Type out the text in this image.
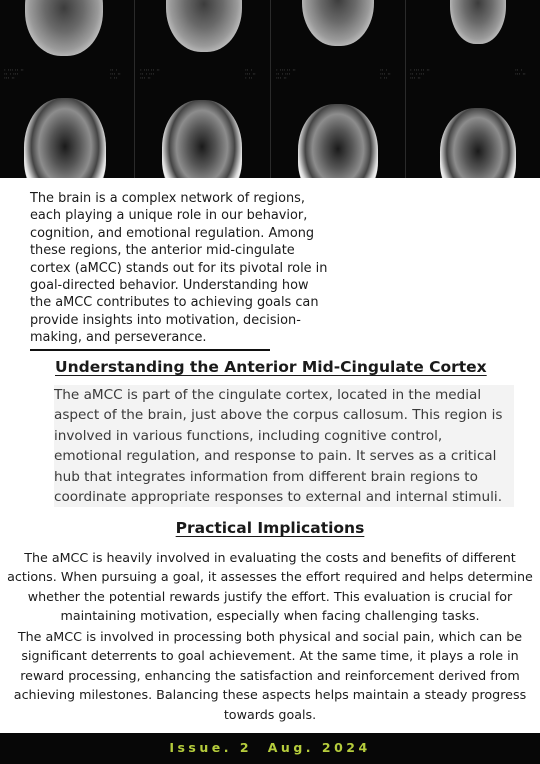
: ::: :: ::
:: : :::
::: ::
:: :
::: ::
: ::
: ::: :: ::
:: : :::
::: ::
:: :
::: ::
: ::
: ::: :: ::
:: : :::
::: ::
:: :
::: ::
: ::
: ::: :: ::
:: : :::
::: ::
:: :
::: ::

The brain is a complex network of regions, each playing a unique role in our behavior, cognition, and emotional regulation. Among these regions, the anterior mid-cingulate cortex (aMCC) stands out for its pivotal role in goal-directed behavior. Understanding how the aMCC contributes to achieving goals can provide insights into motivation, decision-making, and perseverance.

Understanding the Anterior Mid-Cingulate Cortex

The aMCC is part of the cingulate cortex, located in the medial aspect of the brain, just above the corpus callosum. This region is involved in various functions, including cognitive control, emotional regulation, and response to pain. It serves as a critical hub that integrates information from different brain regions to coordinate appropriate responses to external and internal stimuli.

Practical Implications

The aMCC is heavily involved in evaluating the costs and benefits of different actions. When pursuing a goal, it assesses the effort required and helps determine whether the potential rewards justify the effort. This evaluation is crucial for maintaining motivation, especially when facing challenging tasks.

The aMCC is involved in processing both physical and social pain, which can be significant deterrents to goal achievement. At the same time, it plays a role in reward processing, enhancing the satisfaction and reinforcement derived from achieving milestones. Balancing these aspects helps maintain a steady progress towards goals.

Issue. 2 Aug. 2024
